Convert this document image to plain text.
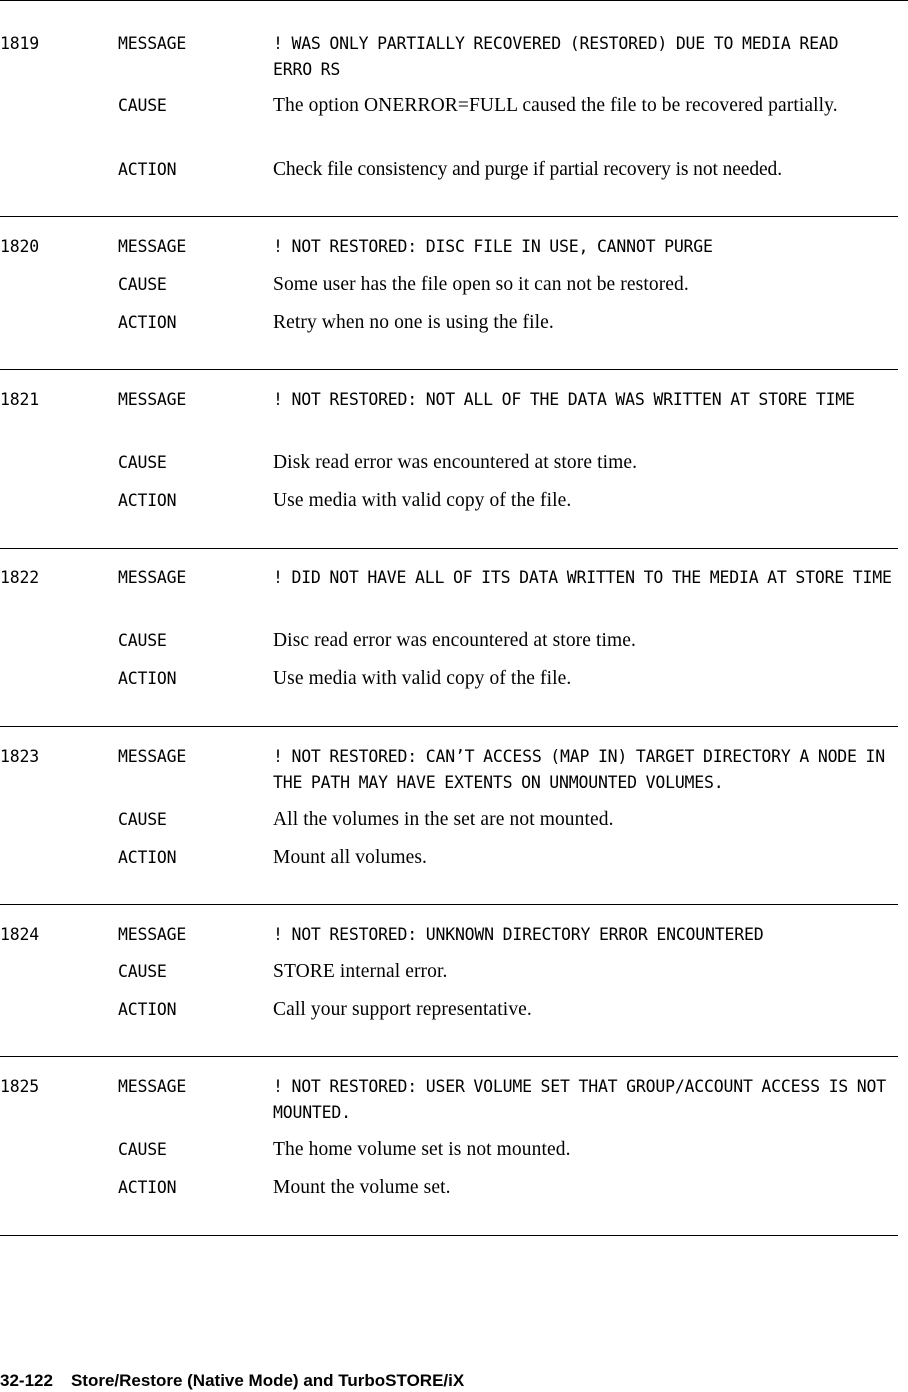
1819	MESSAGE	! WAS ONLY PARTIALLY RECOVERED (RESTORED) DUE TO MEDIA READ ERRO RS
CAUSE	The option ONERROR=FULL caused the file to be recovered partially.
ACTION	Check file consistency and purge if partial recovery is not needed.
1820	MESSAGE	! NOT RESTORED: DISC FILE IN USE, CANNOT PURGE
CAUSE	Some user has the file open so it can not be restored.
ACTION	Retry when no one is using the file.
1821	MESSAGE	! NOT RESTORED: NOT ALL OF THE DATA WAS WRITTEN AT STORE TIME
CAUSE	Disk read error was encountered at store time.
ACTION	Use media with valid copy of the file.
1822	MESSAGE	! DID NOT HAVE ALL OF ITS DATA WRITTEN TO THE MEDIA AT STORE TIME
CAUSE	Disc read error was encountered at store time.
ACTION	Use media with valid copy of the file.
1823	MESSAGE	! NOT RESTORED: CAN’T ACCESS (MAP IN) TARGET DIRECTORY A NODE IN THE PATH MAY HAVE EXTENTS ON UNMOUNTED VOLUMES.
CAUSE	All the volumes in the set are not mounted.
ACTION	Mount all volumes.
1824	MESSAGE	! NOT RESTORED: UNKNOWN DIRECTORY ERROR ENCOUNTERED
CAUSE	STORE internal error.
ACTION	Call your support representative.
1825	MESSAGE	! NOT RESTORED: USER VOLUME SET THAT GROUP/ACCOUNT ACCESS IS NOT MOUNTED.
CAUSE	The home volume set is not mounted.
ACTION	Mount the volume set.
32-122 Store/Restore (Native Mode) and TurboSTORE/iX
